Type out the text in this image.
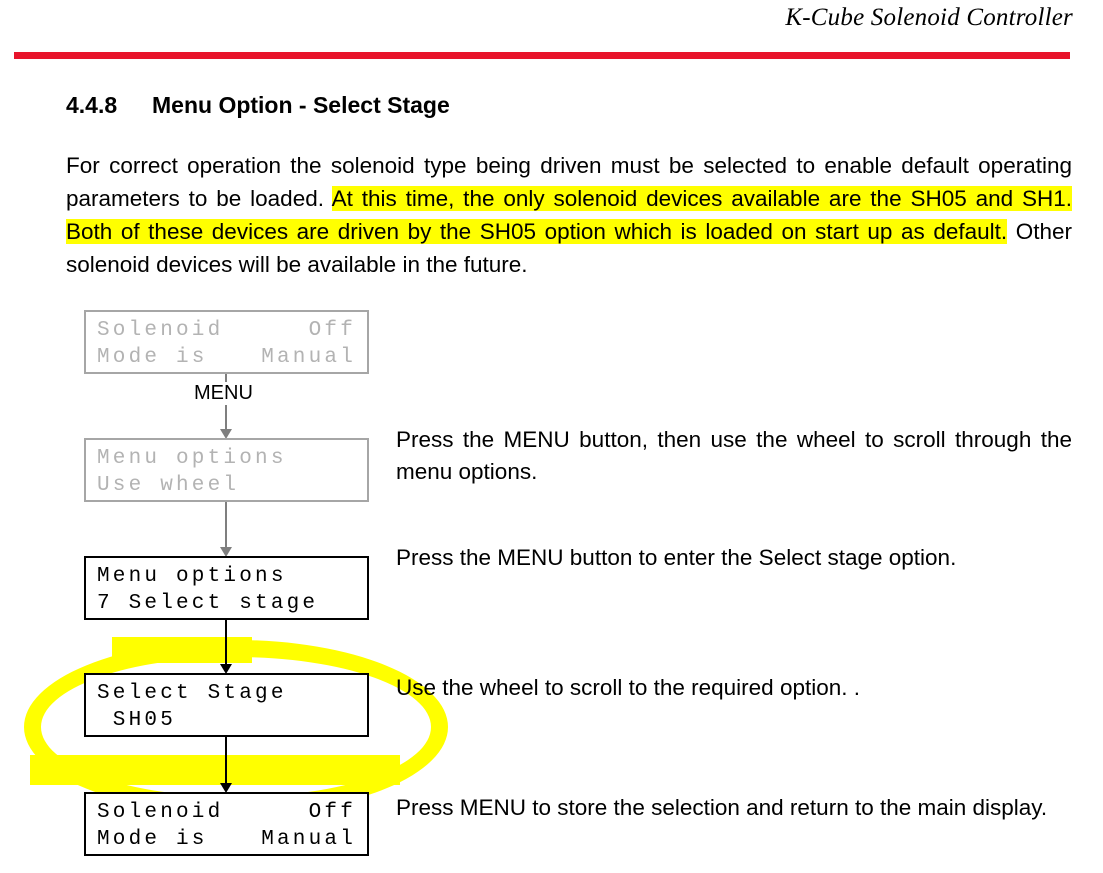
K-Cube Solenoid Controller
4.4.8 Menu Option - Select Stage

For correct operation the solenoid type being driven must be selected to enable default operating parameters to be loaded. At this time, the only solenoid devices available are the SH05 and SH1. Both of these devices are driven by the SH05 option which is loaded on start up as default. Other solenoid devices will be available in the future.

Solenoid	Off
Mode is	Manual
MENU
Menu options
Use wheel
Menu options
7 Select stage
Select Stage
SH05
Solenoid	Off
Mode is	Manual
Press the MENU button, then use the wheel to scroll through the menu options.
Press the MENU button to enter the Select stage option.
Use the wheel to scroll to the required option. .
Press MENU to store the selection and return to the main display.
